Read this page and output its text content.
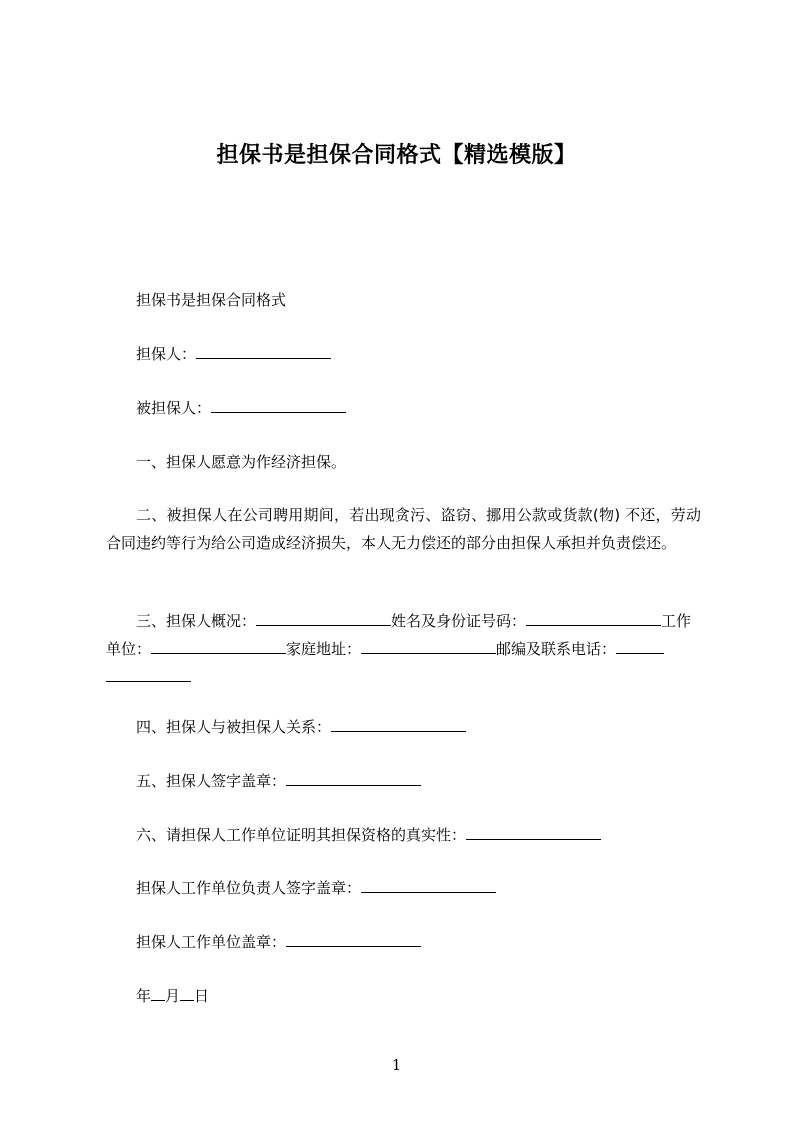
担保书是担保合同格式【精选模版】
担保书是担保合同格式
担保人：
被担保人：
一、担保人愿意为作经济担保。
二、被担保人在公司聘用期间，若出现贪污、盗窃、挪用公款或货款(物) 不还，劳动合同违约等行为给公司造成经济损失，本人无力偿还的部分由担保人承担并负责偿还。
三、担保人概况：	姓名及身份证号码：	工作单位：	家庭地址：	邮编及联系电话：
四、担保人与被担保人关系：
五、担保人签字盖章：
六、请担保人工作单位证明其担保资格的真实性：
担保人工作单位负责人签字盖章：
担保人工作单位盖章：
年 月 日
1
